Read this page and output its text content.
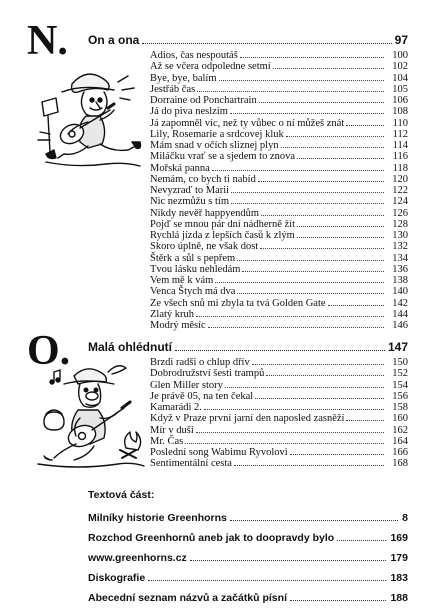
N. On a ona	97
Adios, čas nespoutáš	100
Až se včera odpoledne setmí	102
Bye, bye, balím	104
Jestřáb čas	105
Dorraine od Ponchartrain	106
Já do piva neslzím	108
Já zapomněl víc, než ty vůbec o ní můžeš znát	110
Lily, Rosemarie a srdcovej kluk	112
Mám snad v očích sliznej plyn	114
Miláčku vrať se a sjedem to znova	116
Mořská panna	118
Nemám, co bych ti nabíd	120
Nevyzraď to Marii	122
Nic nezmůžu s tím	124
Nikdy nevěř happyendům	126
Pojď se mnou pár dní nádherně žít	128
Rychlá jízda z lepších časů k zlým	130
Skoro úplně, ne však dost	132
Štěrk a sůl s pepřem	134
Tvou lásku nehledám	136
Vem mě k vám	138
Venca Štych má dva	140
Ze všech snů mi zbyla ta tvá Golden Gate	142
Zlatý kruh	144
Modrý měsíc	146
O. Malá ohlédnutí	147
Brzdi radši o chlup dřív	150
Dobrodružství šesti trampů	152
Glen Miller story	154
Je právě 05, na ten čekal	156
Kamarádi 2.	158
Když v Praze první jarní den naposled zasněží	160
Mír v duši	162
Mr. Čas	164
Poslední song Wabimu Ryvolovi	166
Sentimentální cesta	168
Textová část:
Milníky historie Greenhorns	8
Rozchod Greenhornů aneb jak to doopravdy bylo	169
www.greenhorns.cz	179
Diskografie	183
Abecední seznam názvů a začátků písní	188
